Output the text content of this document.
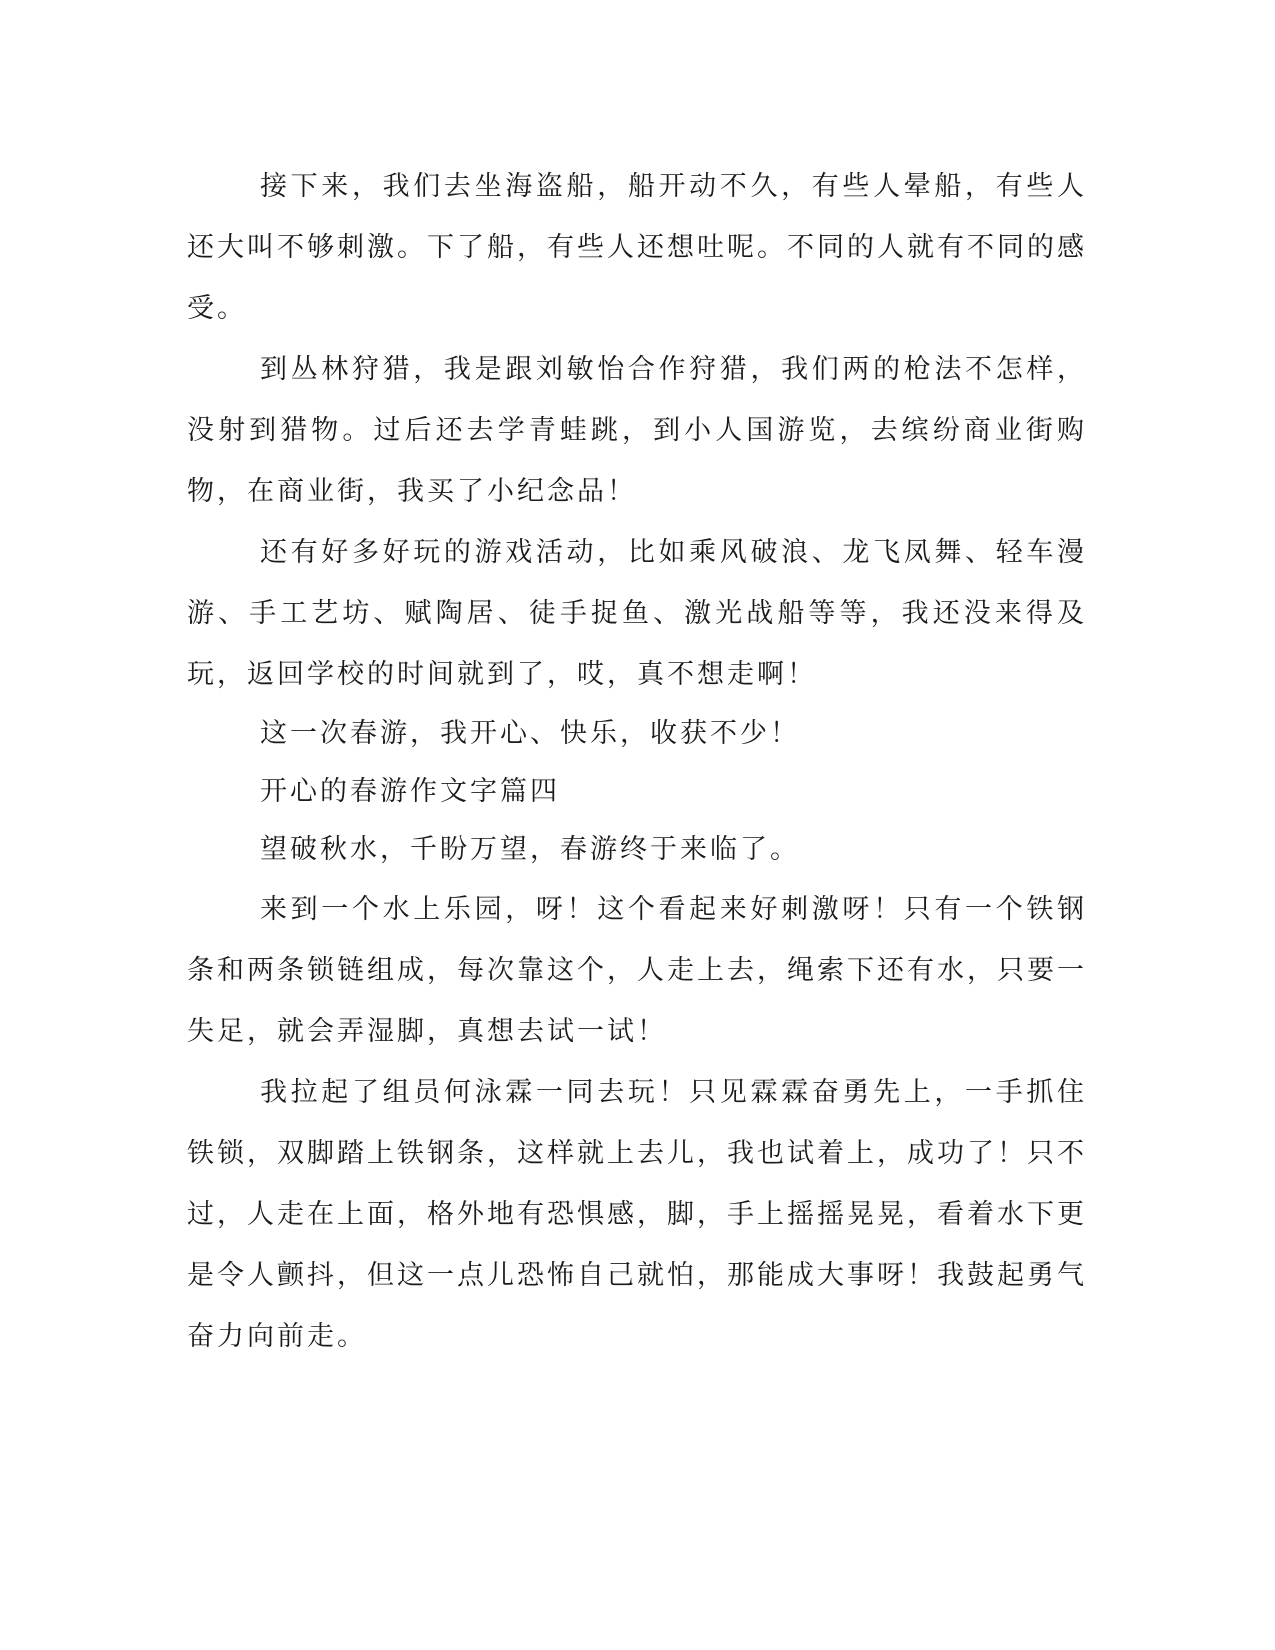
接下来，我们去坐海盗船，船开动不久，有些人晕船，有些人还大叫不够刺激。下了船，有些人还想吐呢。不同的人就有不同的感受。

到丛林狩猎，我是跟刘敏怡合作狩猎，我们两的枪法不怎样，没射到猎物。过后还去学青蛙跳，到小人国游览，去缤纷商业街购物，在商业街，我买了小纪念品！

还有好多好玩的游戏活动，比如乘风破浪、龙飞凤舞、轻车漫游、手工艺坊、赋陶居、徒手捉鱼、激光战船等等，我还没来得及玩，返回学校的时间就到了，哎，真不想走啊！

这一次春游，我开心、快乐，收获不少！

开心的春游作文字篇四

望破秋水，千盼万望，春游终于来临了。

来到一个水上乐园，呀！这个看起来好刺激呀！只有一个铁钢条和两条锁链组成，每次靠这个，人走上去，绳索下还有水，只要一失足，就会弄湿脚，真想去试一试！

我拉起了组员何泳霖一同去玩！只见霖霖奋勇先上，一手抓住铁锁，双脚踏上铁钢条，这样就上去儿，我也试着上，成功了！只不过，人走在上面，格外地有恐惧感，脚，手上摇摇晃晃，看着水下更是令人颤抖，但这一点儿恐怖自己就怕，那能成大事呀！我鼓起勇气奋力向前走。
